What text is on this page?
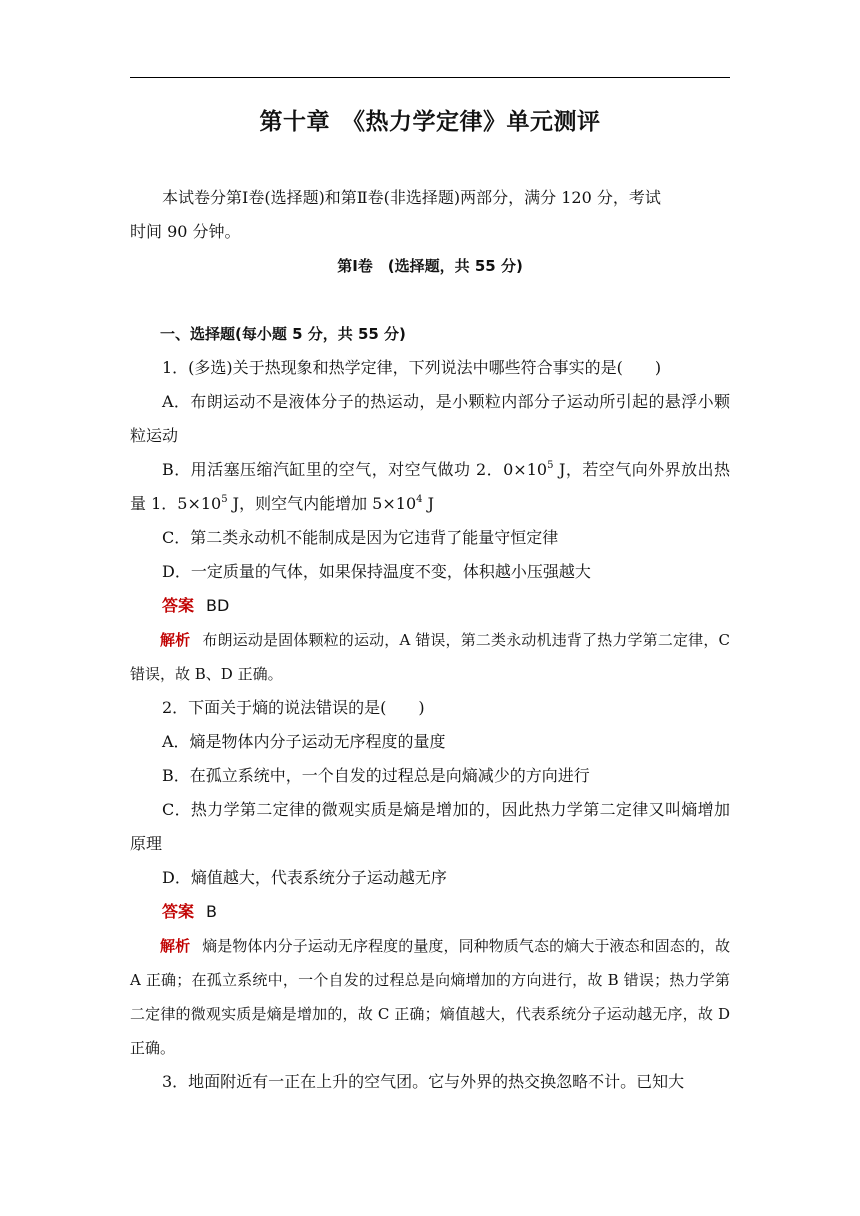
第十章　《热力学定律》单元测评

本试卷分第Ⅰ卷(选择题)和第Ⅱ卷(非选择题)两部分，满分 120 分，考试

时间 90 分钟。

第Ⅰ卷　(选择题，共 55 分)

一、选择题(每小题 5 分，共 55 分)

1．(多选)关于热现象和热学定律，下列说法中哪些符合事实的是(　　)

A．布朗运动不是液体分子的热运动，是小颗粒内部分子运动所引起的悬浮小颗粒运动

B．用活塞压缩汽缸里的空气，对空气做功 2．$0\times 10^5$ J，若空气向外界放出热量 1．$5\times 10^5$ J，则空气内能增加 $5\times 10^4$ J

C．第二类永动机不能制成是因为它违背了能量守恒定律

D．一定质量的气体，如果保持温度不变，体积越小压强越大

答案 BD

解析 布朗运动是固体颗粒的运动，A 错误，第二类永动机违背了热力学第二定律，C 错误，故 B、D 正确。

2．下面关于熵的说法错误的是(　　)

A．熵是物体内分子运动无序程度的量度

B．在孤立系统中，一个自发的过程总是向熵减少的方向进行

C．热力学第二定律的微观实质是熵是增加的，因此热力学第二定律又叫熵增加原理

D．熵值越大，代表系统分子运动越无序

答案 B

解析 熵是物体内分子运动无序程度的量度，同种物质气态的熵大于液态和固态的，故 A 正确；在孤立系统中，一个自发的过程总是向熵增加的方向进行，故 B 错误；热力学第二定律的微观实质是熵是增加的，故 C 正确；熵值越大，代表系统分子运动越无序，故 D 正确。

3．地面附近有一正在上升的空气团。它与外界的热交换忽略不计。已知大
